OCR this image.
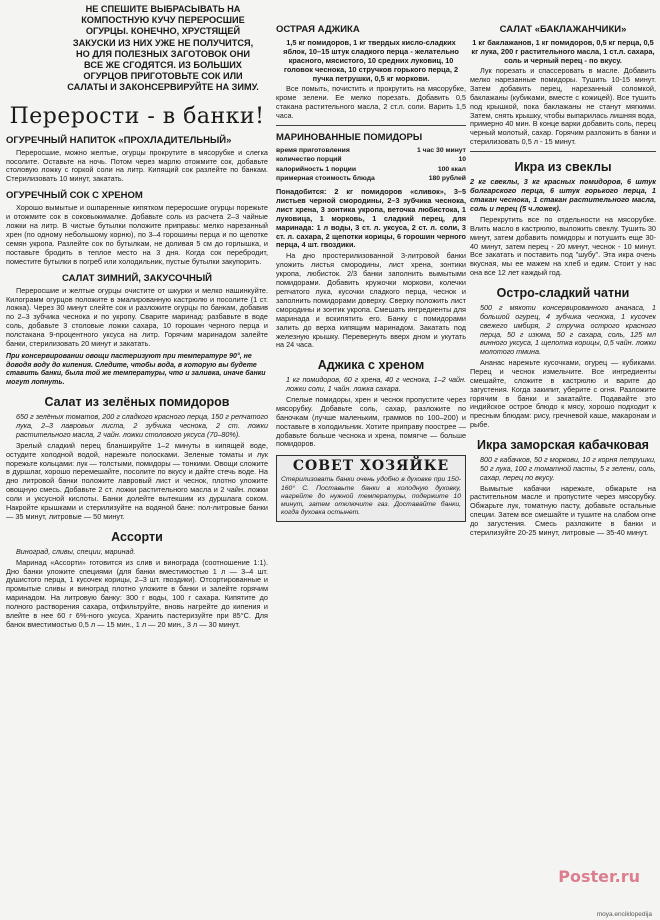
НЕ СПЕШИТЕ ВЫБРАСЫВАТЬ НА КОМПОСТНУЮ КУЧУ ПЕРЕРОСШИЕ ОГУРЦЫ. КОНЕЧНО, ХРУСТЯЩЕЙ ЗАКУСКИ ИЗ НИХ УЖЕ НЕ ПОЛУЧИТСЯ, НО ДЛЯ ПОЛЕЗНЫХ ЗАГОТОВОК ОНИ ВСЕ ЖЕ СГОДЯТСЯ. ИЗ БОЛЬШИХ ОГУРЦОВ ПРИГОТОВЬТЕ СОК ИЛИ САЛАТЫ И ЗАКОНСЕРВИРУЙТЕ НА ЗИМУ.
Перерости - в банки!
ОГУРЕЧНЫЙ НАПИТОК «ПРОХЛАДИТЕЛЬНЫЙ»

Переросшие, можно желтые, огурцы прокрутите в мясорубке и слегка посолите. Оставьте на ночь. Потом через марлю отожмите сок, добавьте столовую ложку с горкой соли на литр. Кипящий сок разлейте по банкам. Стерилизовать 10 минут, закатать.

ОГУРЕЧНЫЙ СОК С ХРЕНОМ

Хорошо вымытые и ошпаренные кипятком переросшие огурцы порежьте и отожмите сок в соковыжималке. Добавьте соль из расчета 2–3 чайные ложки на литр. В чистые бутылки положите приправы: мелко нарезанный хрен (по одному небольшому корню), по 3–4 горошины перца и по щепотке семян укропа. Разлейте сок по бутылкам, не доливая 5 см до горлышка, и поставьте бродить в теплое место на 3 дня. Когда сок перебродит, поместите бутылки в погреб или холодильник, пустые бутылки закупорить.

САЛАТ ЗИМНИЙ, ЗАКУСОЧНЫЙ

Переросшие и желтые огурцы очистите от шкурки и мелко нашинкуйте. Килограмм огурцов положите в эмалированную кастрюлю и посолите (1 ст. ложка). Через 30 минут слейте сок и разложите огурцы по банкам, добавив по 2–3 зубчика чеснока и по укропу. Сварите маринад: разбавьте в воде соль, добавьте 3 столовые ложки сахара, 10 горошин черного перца и полстакана 9-процентного уксуса на литр. Горячим маринадом залейте банки, стерилизовать 20 минут и закатать.

При консервировании овощи пастеризуют при температуре 90°, не доводя воду до кипения. Следите, чтобы вода, в которую вы будете ставить банки, была той же температуры, что и заливка, иначе банки могут лопнуть.
Салат из зелёных помидоров

650 г зелёных томатов, 200 г сладкого красного перца, 150 г репчатого лука, 2–3 лавровых листа, 2 зубчика чеснока, 2 ст. ложки растительного масла, 2 чайн. ложки столового уксуса (70–80%).

Зрелый сладкий перец бланшируйте 1–2 минуты в кипящей воде, остудите холодной водой, нарежьте полосками. Зеленые томаты и лук порежьте кольцами: лук — толстыми, помидоры — тонкими. Овощи сложите в дуршлаг, хорошо перемешайте, посолите по вкусу и дайте стечь воде. На дно литровой банки положите лавровый лист и чеснок, плотно уложите овощную смесь. Добавьте 2 ст. ложки растительного масла и 2 чайн. ложки соли и уксусной кислоты. Банки долейте вытекшим из дуршлага соком. Накройте крышками и стерилизуйте на водяной бане: пол-литровые банки — 35 минут, литровые — 50 минут.

Ассорти

Виноград, сливы, специи, маринад.

Маринад «Ассорти» готовится из слив и винограда (соотношение 1:1). Дно банки уложите специями (для банки вместимостью 1 л — 3–4 шт. душистого перца, 1 кусочек корицы, 2–3 шт. гвоздики). Отсортированные и промытые сливы и виноград плотно уложите в банки и залейте горячим маринадом. На литровую банку: 300 г воды, 100 г сахара. Кипятите до полного растворения сахара, отфильтруйте, вновь нагрейте до кипения и влейте в нее 60 г 6%-ного уксуса. Хранить пастеризуйте при 85°C. Для банок вместимостью 0,5 л — 15 мин., 1 л — 20 мин., 3 л — 30 минут.

ОСТРАЯ АДЖИКА

1,5 кг помидоров, 1 кг твердых кисло-сладких яблок, 10–15 штук сладкого перца - желательно красного, мясистого, 10 средних луковиц, 10 головок чеснока, 10 стручков горького перца, 2 пучка петрушки, 0,5 кг моркови.

Все помыть, почистить и прокрутить на мясорубке, кроме зелени. Ее мелко порезать. Добавить 0,5 стакана растительного масла, 2 ст.л. соли. Варить 1,5 часа.

МАРИНОВАННЫЕ ПОМИДОРЫ
время приготовления	1 час 30 минут
количество порций	10
калорийность 1 порции	100 ккал
примерная стоимость блюда	180 рублей

Понадобится: 2 кг помидоров «сливок», 3–5 листьев черной смородины, 2–3 зубчика чеснока, лист хрена, 3 зонтика укропа, веточка любистока, 1 луковица, 1 морковь, 1 сладкий перец, для маринада: 1 л воды, 3 ст. л. уксуса, 2 ст. л. соли, 3 ст. л. сахара, 2 щепотки корицы, 6 горошин черного перца, 4 шт. гвоздики.

На дно простерилизованной 3-литровой банки уложить листья смородины, лист хрена, зонтики укропа, любисток. 2/3 банки заполнить вымытыми помидорами. Добавить кружочки моркови, колечки репчатого лука, кусочки сладкого перца, чеснок и заполнить помидорами доверху. Сверху положить лист смородины и зонтик укропа. Смешать ингредиенты для маринада и вскипятить его. Банку с помидорами залить до верха кипящим маринадом. Закатать под железную крышку. Перевернуть вверх дном и укутать на 24 часа.

Аджика с хреном

1 кг помидоров, 60 г хрена, 40 г чеснока, 1–2 чайн. ложки соли, 1 чайн. ложка сахара.

Спелые помидоры, хрен и чеснок пропустите через мясорубку. Добавьте соль, сахар, разложите по баночкам (лучше маленьким, граммов по 100–200) и поставьте в холодильник. Хотите приправу поострее — добавьте больше чеснока и хрена, помягче — больше помидоров.

СОВЕТ ХОЗЯЙКЕ

Стерилизовать банки очень удобно в духовке при 150-160° С. Поставьте банки в холодную духовку, нагрейте до нужной температуры, подержите 10 минут, затем отключите газ. Доставайте банки, когда духовка остынет.

САЛАТ «БАКЛАЖАНЧИКИ»

1 кг баклажанов, 1 кг помидоров, 0,5 кг перца, 0,5 кг лука, 200 г растительного масла, 1 ст.л. сахара, соль и черный перец - по вкусу.

Лук порезать и спассеровать в масле. Добавить мелко нарезанные помидоры. Тушить 10-15 минут. Затем добавить перец, нарезанный соломкой, баклажаны (кубиками, вместе с кожицей). Все тушить под крышкой, пока баклажаны не станут мягкими. Затем, снять крышку, чтобы выпарилась лишняя вода, примерно 40 мин. В конце варки добавить соль, перец черный молотый, сахар. Горячим разложить в банки и стерилизовать 0,5 л - 15 минут.

Икра из свеклы

2 кг свеклы, 3 кг красных помидоров, 6 штук болгарского перца, 6 штук горького перца, 1 стакан чеснока, 1 стакан растительного масла, соль и перец (5 ч.ложек).

Перекрутить все по отдельности на мясорубке. Влить масло в кастрюлю, выложить свеклу. Тушить 30 минут, затем добавить помидоры и потушить еще 30-40 минут, затем перец - 20 минут, чеснок - 10 минут. Все закатать и поставить под "шубу". Эта икра очень вкусная, мы ее мажем на хлеб и едим. Стоит у нас она все 12 лет каждый год.

Остро-сладкий чатни

500 г мякоти консервированного ананаса, 1 большой огурец, 4 зубчика чеснока, 1 кусочек свежего имбиря, 2 стручка острого красного перца, 50 г изюма, 50 г сахара, соль, 125 мл винного уксуса, 1 щепотка корицы, 0,5 чайн. ложки молотого тмина.

Ананас нарежьте кусочками, огурец — кубиками. Перец и чеснок измельчите. Все ингредиенты смешайте, сложите в кастрюлю и варите до загустения. Когда закипит, уберите с огня. Разложите горячим в банки и закатайте. Подавайте это индийское острое блюдо к мясу, хорошо подходит к пресным блюдам: рису, гречневой каше, макаронам и рыбе.

Икра заморская кабачковая

800 г кабачков, 50 г моркови, 10 г корня петрушки, 50 г лука, 100 г томатной пасты, 5 г зелени, соль, сахар, перец по вкусу.

Вымытые кабачки нарежьте, обжарьте на растительном масле и пропустите через мясорубку. Обжарьте лук, томатную пасту, добавьте остальные специи. Затем все смешайте и тушите на слабом огне до загустения. Смесь разложите в банки и стерилизуйте 20-25 минут, литровые — 35-40 минут.

Рoster.ru
moya.enciklopedija
